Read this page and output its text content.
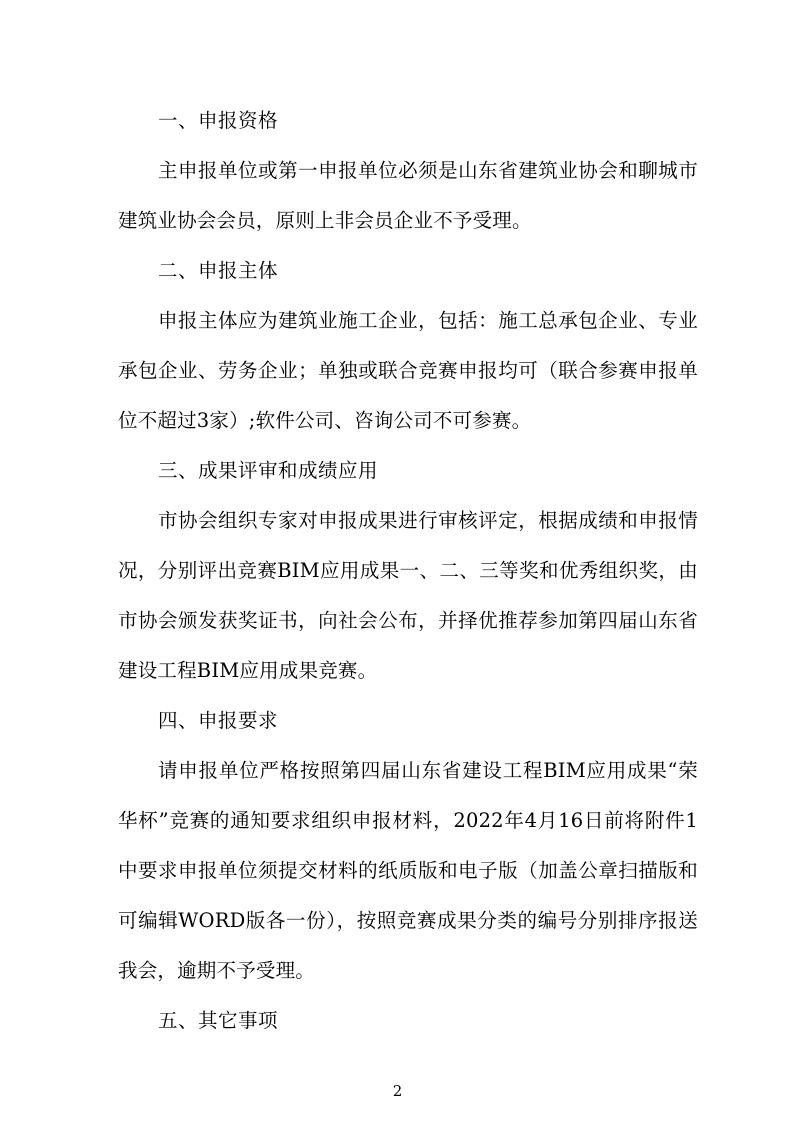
一、申报资格

主申报单位或第一申报单位必须是山东省建筑业协会和聊城市建筑业协会会员，原则上非会员企业不予受理。

二、申报主体

申报主体应为建筑业施工企业，包括：施工总承包企业、专业承包企业、劳务企业；单独或联合竞赛申报均可（联合参赛申报单位不超过3家）;软件公司、咨询公司不可参赛。

三、成果评审和成绩应用

市协会组织专家对申报成果进行审核评定，根据成绩和申报情况，分别评出竞赛BIM应用成果一、二、三等奖和优秀组织奖，由市协会颁发获奖证书，向社会公布，并择优推荐参加第四届山东省建设工程BIM应用成果竞赛。

四、申报要求

请申报单位严格按照第四届山东省建设工程BIM应用成果“荣华杯”竞赛的通知要求组织申报材料，2022年4月16日前将附件1中要求申报单位须提交材料的纸质版和电子版（加盖公章扫描版和可编辑WORD版各一份），按照竞赛成果分类的编号分别排序报送我会，逾期不予受理。

五、其它事项

2
